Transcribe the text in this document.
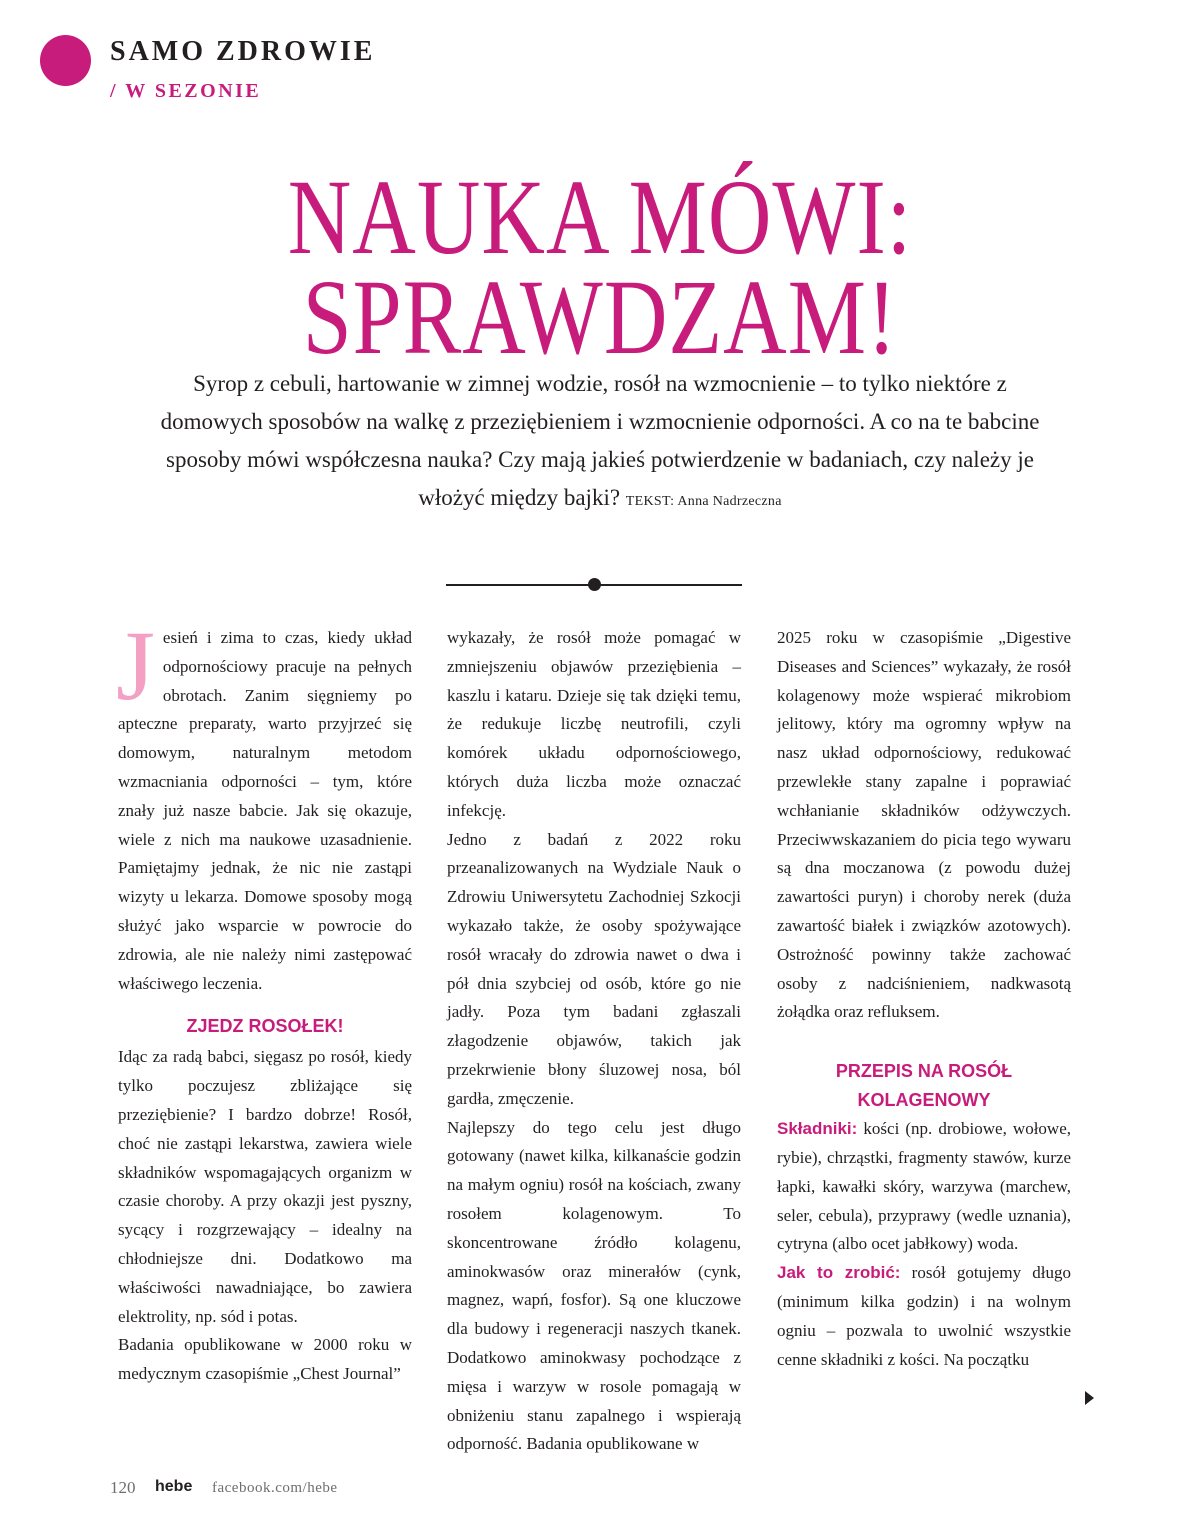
SAMO ZDROWIE
/ W SEZONIE
NAUKA MÓWI:
SPRAWDZAM!

Syrop z cebuli, hartowanie w zimnej wodzie, rosół na wzmocnienie – to tylko niektóre z domowych sposobów na walkę z przeziębieniem i wzmocnienie odporności. A co na te babcine sposoby mówi współczesna nauka? Czy mają jakieś potwierdzenie w badaniach, czy należy je włożyć między bajki? TEKST: Anna Nadrzeczna

Jesień i zima to czas, kiedy układ odpornościowy pracuje na pełnych obrotach. Zanim sięgniemy po apteczne preparaty, warto przyjrzeć się domowym, naturalnym metodom wzmacniania odporności – tym, które znały już nasze babcie. Jak się okazuje, wiele z nich ma naukowe uzasadnienie. Pamiętajmy jednak, że nic nie zastąpi wizyty u lekarza. Domowe sposoby mogą służyć jako wsparcie w powrocie do zdrowia, ale nie należy nimi zastępować właściwego leczenia.

ZJEDZ ROSOŁEK!

Idąc za radą babci, sięgasz po rosół, kiedy tylko poczujesz zbliżające się przeziębienie? I bardzo dobrze! Rosół, choć nie zastąpi lekarstwa, zawiera wiele składników wspomagających organizm w czasie choroby. A przy okazji jest pyszny, sycący i rozgrzewający – idealny na chłodniejsze dni. Dodatkowo ma właściwości nawadniające, bo zawiera elektrolity, np. sód i potas.

Badania opublikowane w 2000 roku w medycznym czasopiśmie „Chest Journal”

wykazały, że rosół może pomagać w zmniejszeniu objawów przeziębienia – kaszlu i kataru. Dzieje się tak dzięki temu, że redukuje liczbę neutrofili, czyli komórek układu odpornościowego, których duża liczba może oznaczać infekcję.

Jedno z badań z 2022 roku przeanalizowanych na Wydziale Nauk o Zdrowiu Uniwersytetu Zachodniej Szkocji wykazało także, że osoby spożywające rosół wracały do zdrowia nawet o dwa i pół dnia szybciej od osób, które go nie jadły. Poza tym badani zgłaszali złagodzenie objawów, takich jak przekrwienie błony śluzowej nosa, ból gardła, zmęczenie.

Najlepszy do tego celu jest długo gotowany (nawet kilka, kilkanaście godzin na małym ogniu) rosół na kościach, zwany rosołem kolagenowym. To skoncentrowane źródło kolagenu, aminokwasów oraz minerałów (cynk, magnez, wapń, fosfor). Są one kluczowe dla budowy i regeneracji naszych tkanek. Dodatkowo aminokwasy pochodzące z mięsa i warzyw w rosole pomagają w obniżeniu stanu zapalnego i wspierają odporność. Badania opublikowane w

2025 roku w czasopiśmie „Digestive Diseases and Sciences” wykazały, że rosół kolagenowy może wspierać mikrobiom jelitowy, który ma ogromny wpływ na nasz układ odpornościowy, redukować przewlekłe stany zapalne i poprawiać wchłanianie składników odżywczych. Przeciwwskazaniem do picia tego wywaru są dna moczanowa (z powodu dużej zawartości puryn) i choroby nerek (duża zawartość białek i związków azotowych). Ostrożność powinny także zachować osoby z nadciśnieniem, nadkwasotą żołądka oraz refluksem.

PRZEPIS NA ROSÓŁ KOLAGENOWY

Składniki: kości (np. drobiowe, wołowe, rybie), chrząstki, fragmenty stawów, kurze łapki, kawałki skóry, warzywa (marchew, seler, cebula), przyprawy (wedle uznania), cytryna (albo ocet jabłkowy) woda.

Jak to zrobić: rosół gotujemy długo (minimum kilka godzin) i na wolnym ogniu – pozwala to uwolnić wszystkie cenne składniki z kości. Na początku

120 hebe facebook.com/hebe
